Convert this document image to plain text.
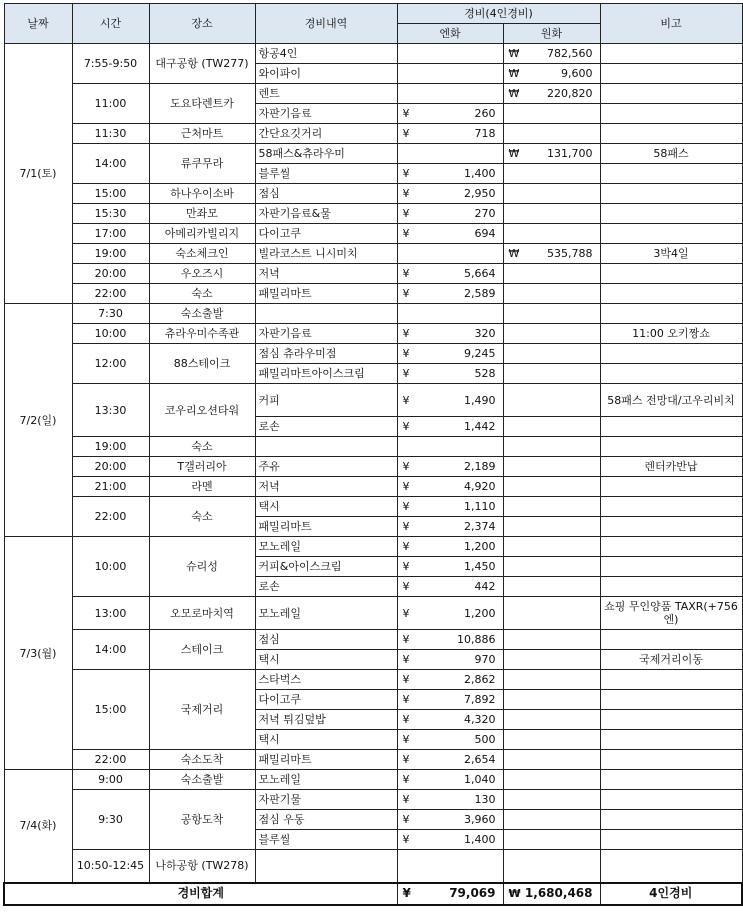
날짜	시간	장소	경비내역	경비(4인경비)		비고
				엔화	원화	
7/1(토)	7:55-9:50	대구공항 (TW277)	항공4인		₩ 782,560	

			와이파이		₩ 9,600	

	11:00	도요타렌트카	렌트		₩ 220,820	

			자판기음료	¥ 260		

	11:30	근처마트	간단요깃거리	¥ 718		

	14:00	류쿠무라	58패스&츄라우미		₩ 131,700	58패스
			블루씰	¥ 1,400		

	15:00	하나우이소바	점심	¥ 2,950		

	15:30	만좌모	자판기음료&물	¥ 270		

	17:00	아메리카빌리지	다이고쿠	¥ 694		

	19:00	숙소체크인	빌라코스트 니시미치		₩ 535,788	3박4일
	20:00	우오즈시	저녁	¥ 5,664		

	22:00	숙소	패밀리마트	¥ 2,589		

7/2(일)	7:30	숙소출발				
	10:00	츄라우미수족관	자판기음료	¥ 320		11:00 오키짱쇼
	12:00	88스테이크	점심 츄라우미점	¥ 9,245		

			패밀리마트아이스크림	¥ 528		

	13:30	코우리오션타워	커피	¥ 1,490		58패스 전망대/고우리비치
			로손	¥ 1,442		

	19:00	숙소				
	20:00	T갤러리아	주유	¥ 2,189		렌터카반납
	21:00	라멘	저녁	¥ 4,920		

	22:00	숙소	택시	¥ 1,110		

			패밀리마트	¥ 2,374		

7/3(월)	10:00	슈리성	모노레일	¥ 1,200		

			커피&아이스크림	¥ 1,450		

			로손	¥ 442		

	13:00	오모로마치역	모노레일	¥ 1,200		쇼핑 무인양품 TAXR(+756엔)
	14:00	스테이크	점심	¥ 10,886		

			택시	¥ 970		국제거리이동
	15:00	국제거리	스타벅스	¥ 2,862		

			다이고쿠	¥ 7,892		

			저녁 튀김덮밥	¥ 4,320		

			택시	¥ 500		

	22:00	숙소도착	패밀리마트	¥ 2,654		

7/4(화)	9:00	숙소출발	모노레일	¥ 1,040		

	9:30	공항도착	자판기물	¥ 130		

			점심 우동	¥ 3,960		

			블루씰	¥ 1,400		

	10:50-12:45	나하공항 (TW278)				
경비합계				¥ 79,069	₩ 1,680,468	4인경비
